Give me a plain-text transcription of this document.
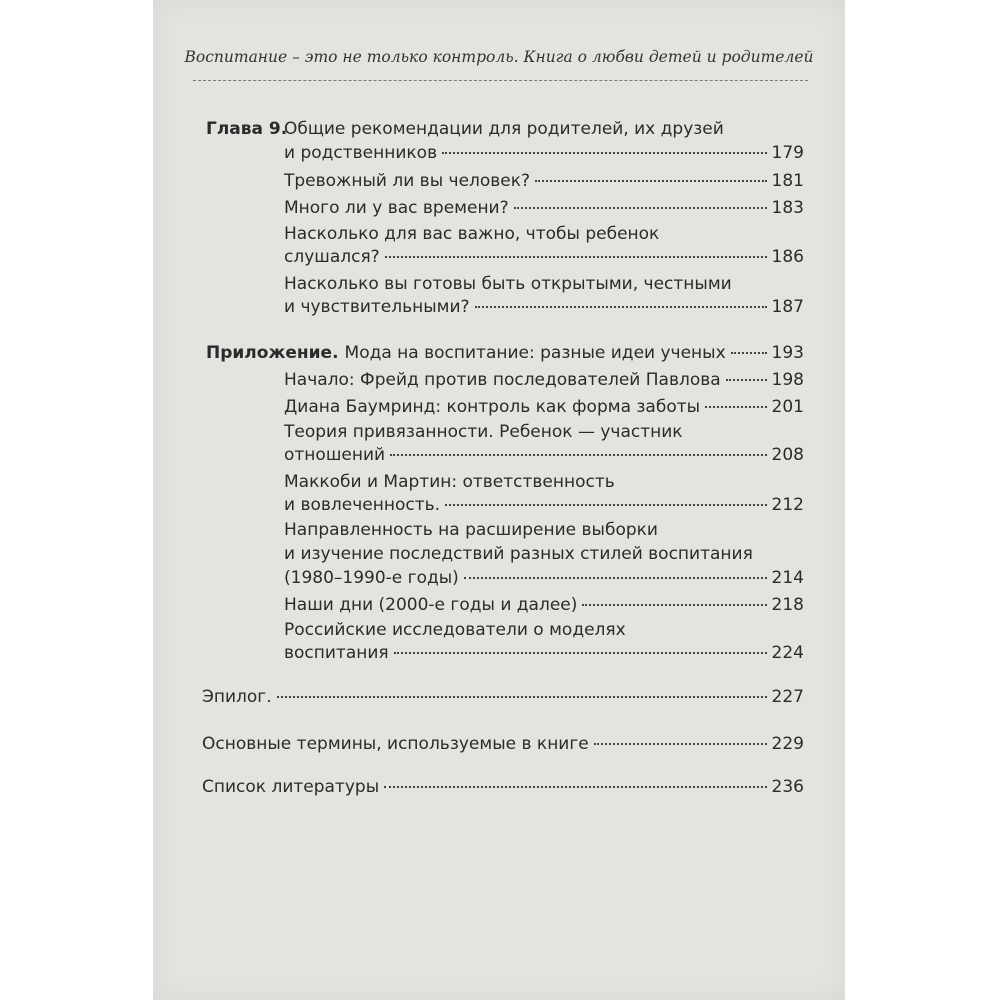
Воспитание – это не только контроль. Книга о любви детей и родителей
Глава 9.
Общие рекомендации для родителей, их друзей
и родственников	179
Тревожный ли вы человек?	181
Много ли у вас времени?	183
Насколько для вас важно, чтобы ребенок
слушался?	186
Насколько вы готовы быть открытыми, честными
и чувствительными?	187
Приложение. Мода на воспитание: разные идеи ученых	193
Начало: Фрейд против последователей Павлова	198
Диана Баумринд: контроль как форма заботы	201
Теория привязанности. Ребенок — участник
отношений	208
Маккоби и Мартин: ответственность
и вовлеченность.	212
Направленность на расширение выборки
и изучение последствий разных стилей воспитания
(1980–1990-е годы)	214
Наши дни (2000-е годы и далее)	218
Российские исследователи о моделях
воспитания	224
Эпилог.	227
Основные термины, используемые в книге	229
Список литературы	236
